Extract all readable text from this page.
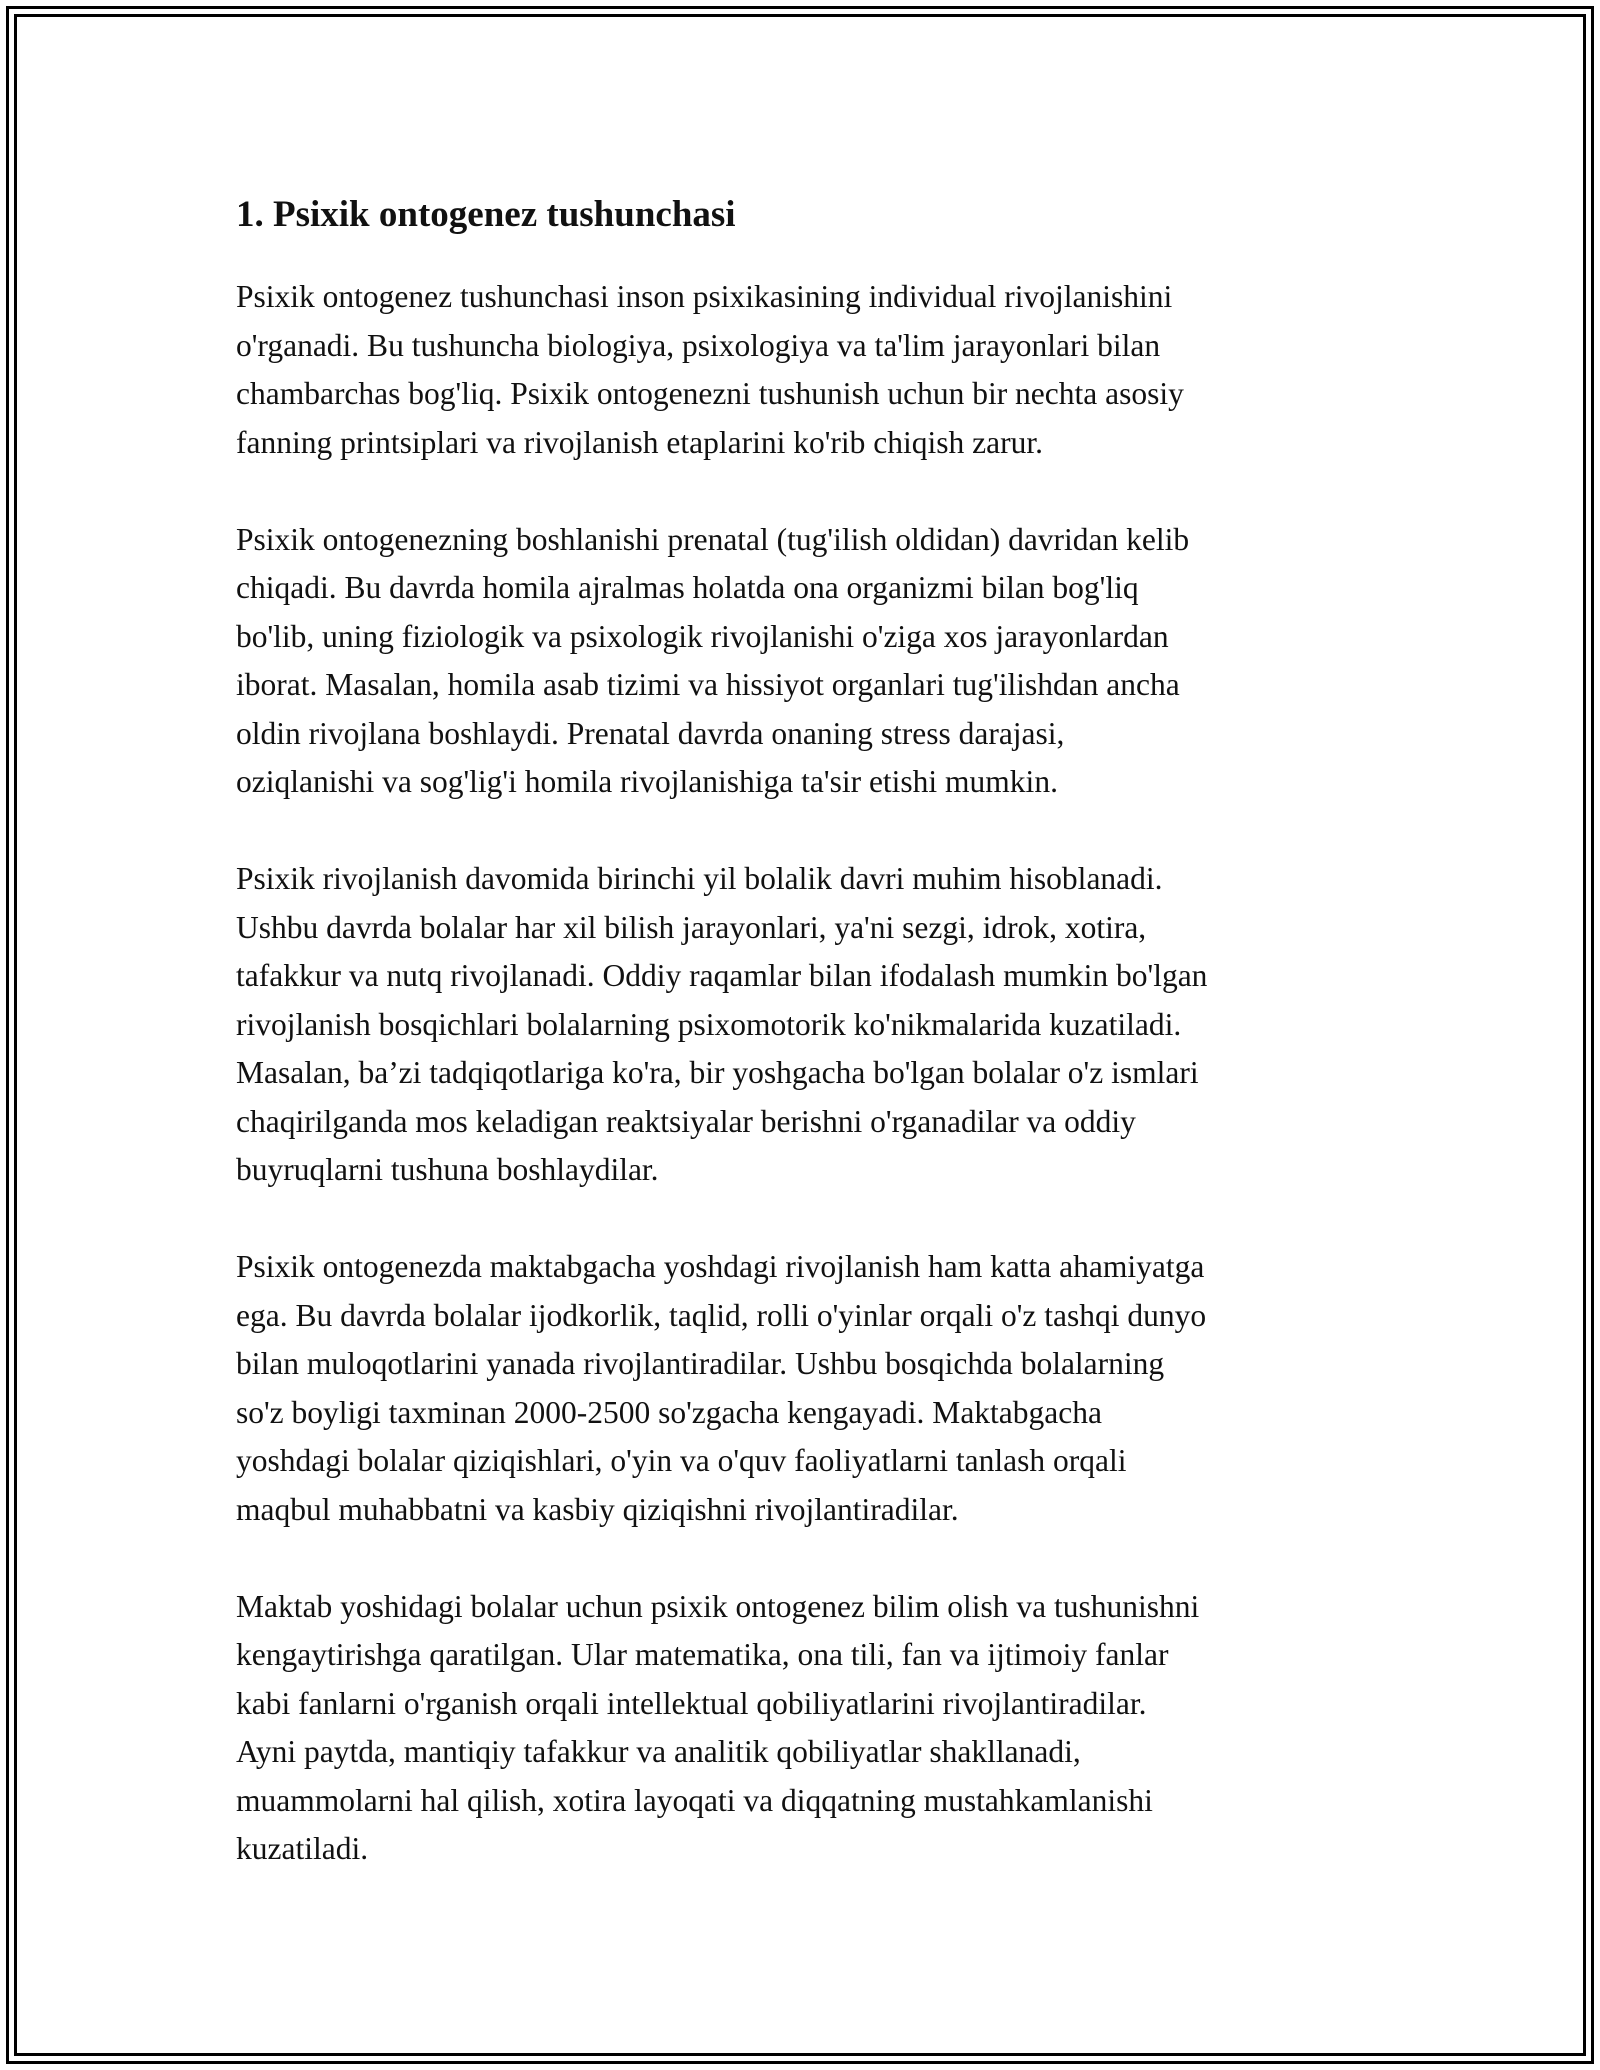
1. Psixik ontogenez tushunchasi

Psixik ontogenez tushunchasi inson psixikasining individual rivojlanishini
o'rganadi. Bu tushuncha biologiya, psixologiya va ta'lim jarayonlari bilan
chambarchas bog'liq. Psixik ontogenezni tushunish uchun bir nechta asosiy
fanning printsiplari va rivojlanish etaplarini ko'rib chiqish zarur.

Psixik ontogenezning boshlanishi prenatal (tug'ilish oldidan) davridan kelib
chiqadi. Bu davrda homila ajralmas holatda ona organizmi bilan bog'liq
bo'lib, uning fiziologik va psixologik rivojlanishi o'ziga xos jarayonlardan
iborat. Masalan, homila asab tizimi va hissiyot organlari tug'ilishdan ancha
oldin rivojlana boshlaydi. Prenatal davrda onaning stress darajasi,
oziqlanishi va sog'lig'i homila rivojlanishiga ta'sir etishi mumkin.

Psixik rivojlanish davomida birinchi yil bolalik davri muhim hisoblanadi.
Ushbu davrda bolalar har xil bilish jarayonlari, ya'ni sezgi, idrok, xotira,
tafakkur va nutq rivojlanadi. Oddiy raqamlar bilan ifodalash mumkin bo'lgan
rivojlanish bosqichlari bolalarning psixomotorik ko'nikmalarida kuzatiladi.
Masalan, ba’zi tadqiqotlariga ko'ra, bir yoshgacha bo'lgan bolalar o'z ismlari
chaqirilganda mos keladigan reaktsiyalar berishni o'rganadilar va oddiy
buyruqlarni tushuna boshlaydilar.

Psixik ontogenezda maktabgacha yoshdagi rivojlanish ham katta ahamiyatga
ega. Bu davrda bolalar ijodkorlik, taqlid, rolli o'yinlar orqali o'z tashqi dunyo
bilan muloqotlarini yanada rivojlantiradilar. Ushbu bosqichda bolalarning
so'z boyligi taxminan 2000-2500 so'zgacha kengayadi. Maktabgacha
yoshdagi bolalar qiziqishlari, o'yin va o'quv faoliyatlarni tanlash orqali
maqbul muhabbatni va kasbiy qiziqishni rivojlantiradilar.

Maktab yoshidagi bolalar uchun psixik ontogenez bilim olish va tushunishni
kengaytirishga qaratilgan. Ular matematika, ona tili, fan va ijtimoiy fanlar
kabi fanlarni o'rganish orqali intellektual qobiliyatlarini rivojlantiradilar.
Ayni paytda, mantiqiy tafakkur va analitik qobiliyatlar shakllanadi,
muammolarni hal qilish, xotira layoqati va diqqatning mustahkamlanishi
kuzatiladi.
